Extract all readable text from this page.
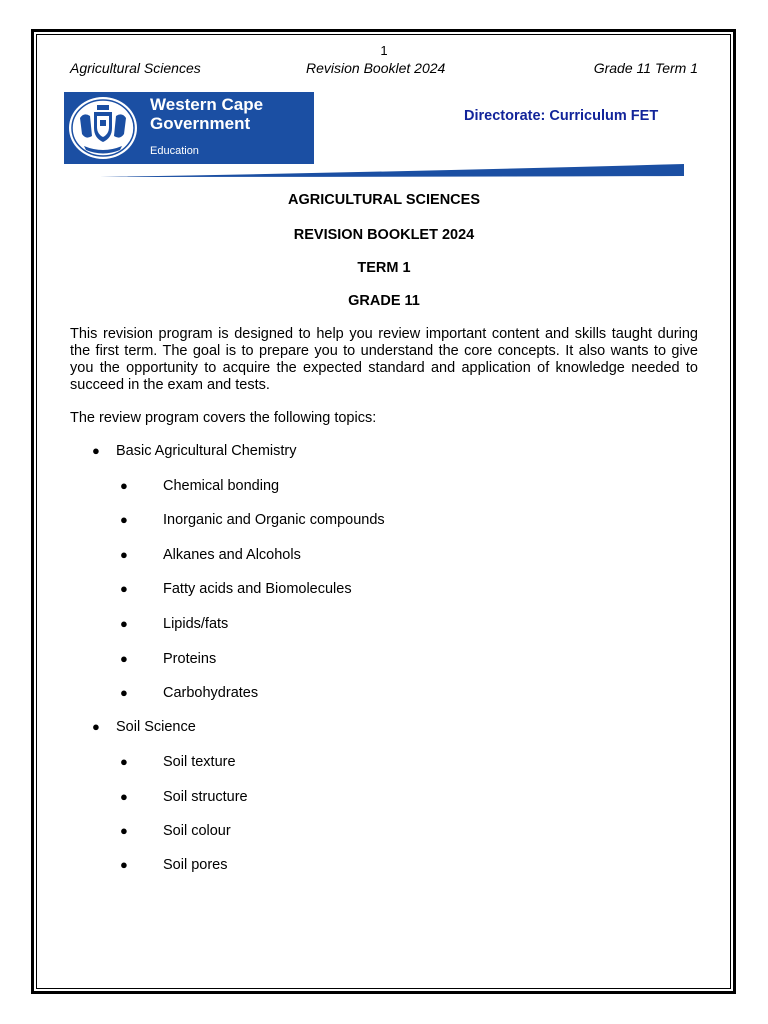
1
Agricultural Sciences	Revision Booklet 2024	Grade 11 Term 1
Western Cape
Government
Education
Directorate: Curriculum FET
AGRICULTURAL SCIENCES
REVISION BOOKLET 2024
TERM 1
GRADE 11

This revision program is designed to help you review important content and skills taught during the first term. The goal is to prepare you to understand the core concepts. It also wants to give you the opportunity to acquire the expected standard and application of knowledge needed to succeed in the exam and tests.

The review program covers the following topics:

●	Basic Agricultural Chemistry
●	Chemical bonding
●	Inorganic and Organic compounds
●	Alkanes and Alcohols
●	Fatty acids and Biomolecules
●	Lipids/fats
●	Proteins
●	Carbohydrates
●	Soil Science
●	Soil texture
●	Soil structure
●	Soil colour
●	Soil pores
